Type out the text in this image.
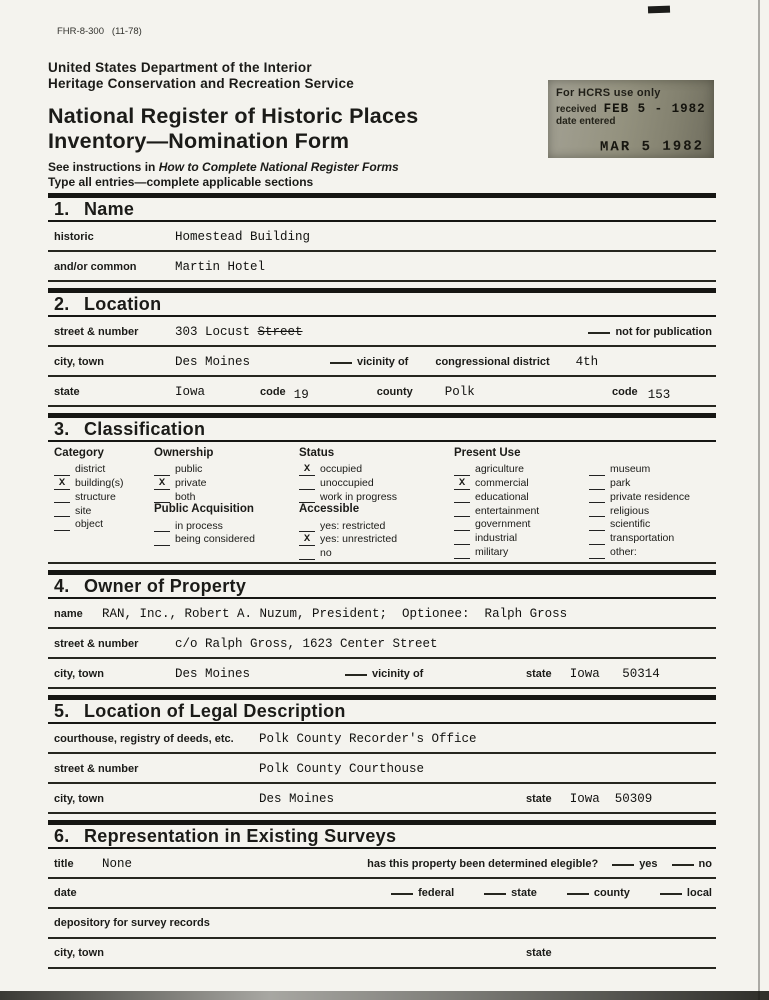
FHR-8-300   (11-78)
For HCRS use only
received FEB 5 - 1982
date entered
MAR 5 1982
United States Department of the Interior
Heritage Conservation and Recreation Service
National Register of Historic Places
Inventory—Nomination Form
See instructions in How to Complete National Register Forms
Type all entries—complete applicable sections
1. Name
historic	Homestead Building
and/or common	Martin Hotel
2. Location
street & number	303 Locust Street	not for publication
city, town	Des Moines	vicinity of congressional district 4th
state	Iowa	code 19	county	Polk	code 153
3. Classification
Category
district
X building(s)
structure
site
object
Ownership
public
X private
both
Public Acquisition
in process
being considered
Status
X occupied
unoccupied
work in progress
Accessible
yes: restricted
X yes: unrestricted
no
Present Use
agriculture
X commercial
educational
entertainment
government
industrial
military
museum
park
private residence
religious
scientific
transportation
other:
4. Owner of Property
name	RAN, Inc., Robert A. Nuzum, President;  Optionee:  Ralph Gross
street & number	c/o Ralph Gross, 1623 Center Street
city, town	Des Moines	vicinity of	state Iowa   50314
5. Location of Legal Description
courthouse, registry of deeds, etc.	Polk County Recorder's Office
street & number	Polk County Courthouse
city, town	Des Moines	state Iowa  50309
6. Representation in Existing Surveys
title	None	has this property been determined elegible?	yes	no
date	federal	state	county	local
depository for survey records
city, town	state
